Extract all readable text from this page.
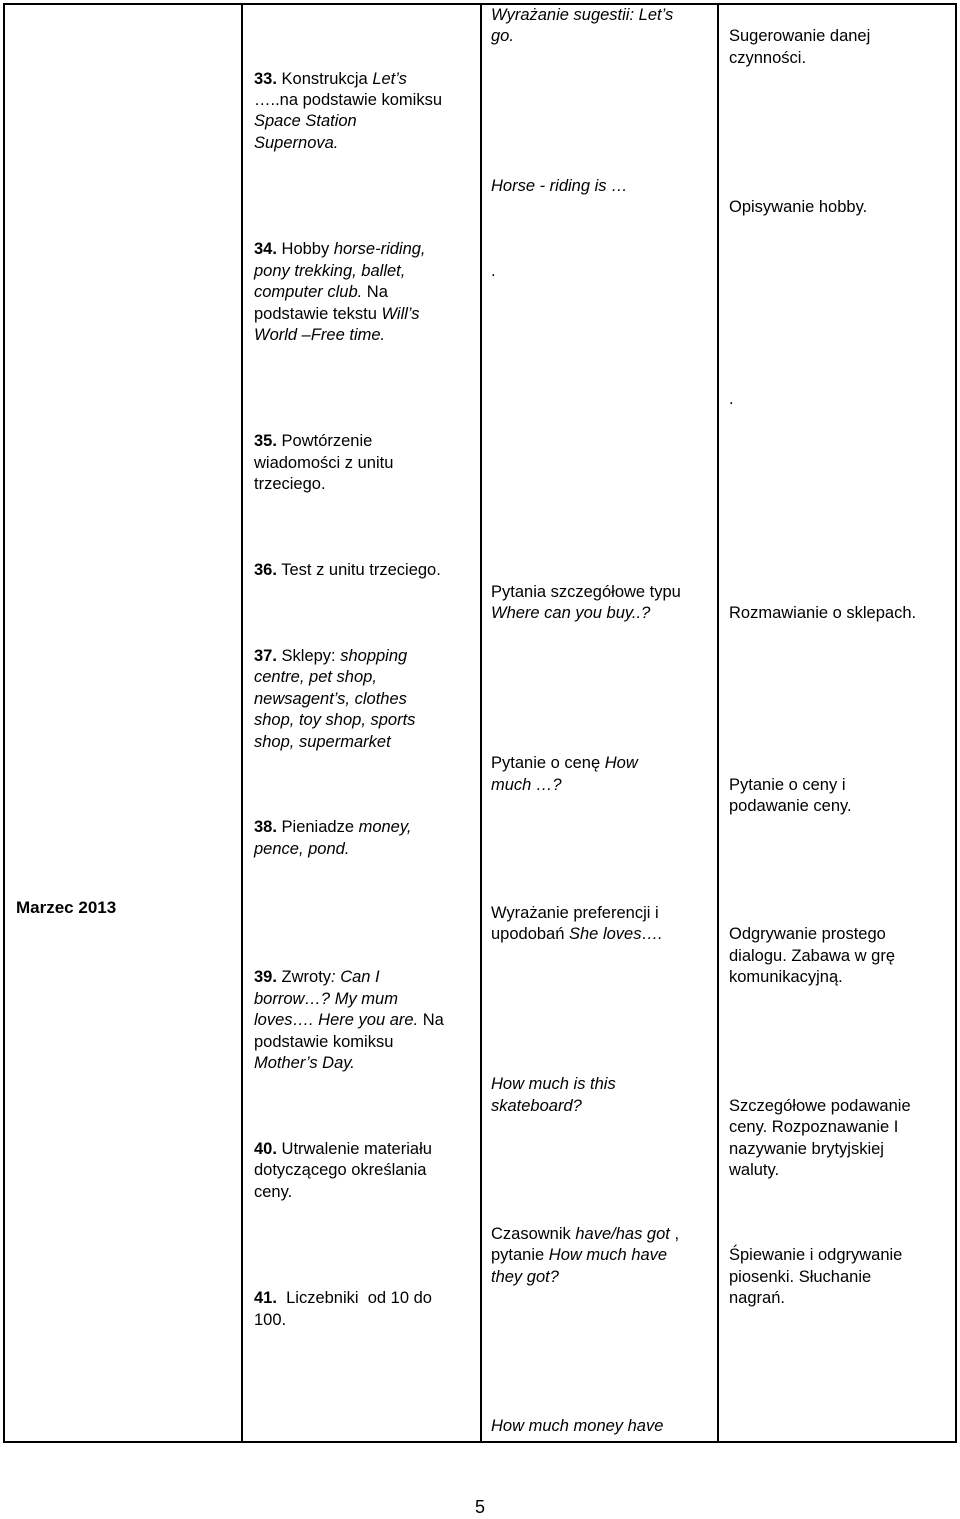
Marzec 2013
33. Konstrukcja Let’s
…..na podstawie komiksu
Space Station
Supernova.
34. Hobby horse-riding,
pony trekking, ballet,
computer club. Na
podstawie tekstu Will’s
World –Free time.
35. Powtórzenie
wiadomości z unitu
trzeciego.
36. Test z unitu trzeciego.
37. Sklepy: shopping
centre, pet shop,
newsagent’s, clothes
shop, toy shop, sports
shop, supermarket
38. Pieniadze money,
pence, pond.
39. Zwroty: Can I
borrow…? My mum
loves…. Here you are. Na
podstawie komiksu
Mother’s Day.
40. Utrwalenie materiału
dotyczącego określania
ceny.
41.  Liczebniki  od 10 do
100.
Wyrażanie sugestii: Let’s
go.
Horse - riding is …
.
Pytania szczegółowe typu
Where can you buy..?
Pytanie o cenę How
much …?
Wyrażanie preferencji i
upodobań She loves….
How much is this
skateboard?
Czasownik have/has got ,
pytanie How much have
they got?
How much money have
Sugerowanie danej
czynności.
Opisywanie hobby.
.
Rozmawianie o sklepach.
Pytanie o ceny i
podawanie ceny.
Odgrywanie prostego
dialogu. Zabawa w grę
komunikacyjną.
Szczegółowe podawanie
ceny. Rozpoznawanie I
nazywanie brytyjskiej
waluty.
Śpiewanie i odgrywanie
piosenki. Słuchanie
nagrań.
5
